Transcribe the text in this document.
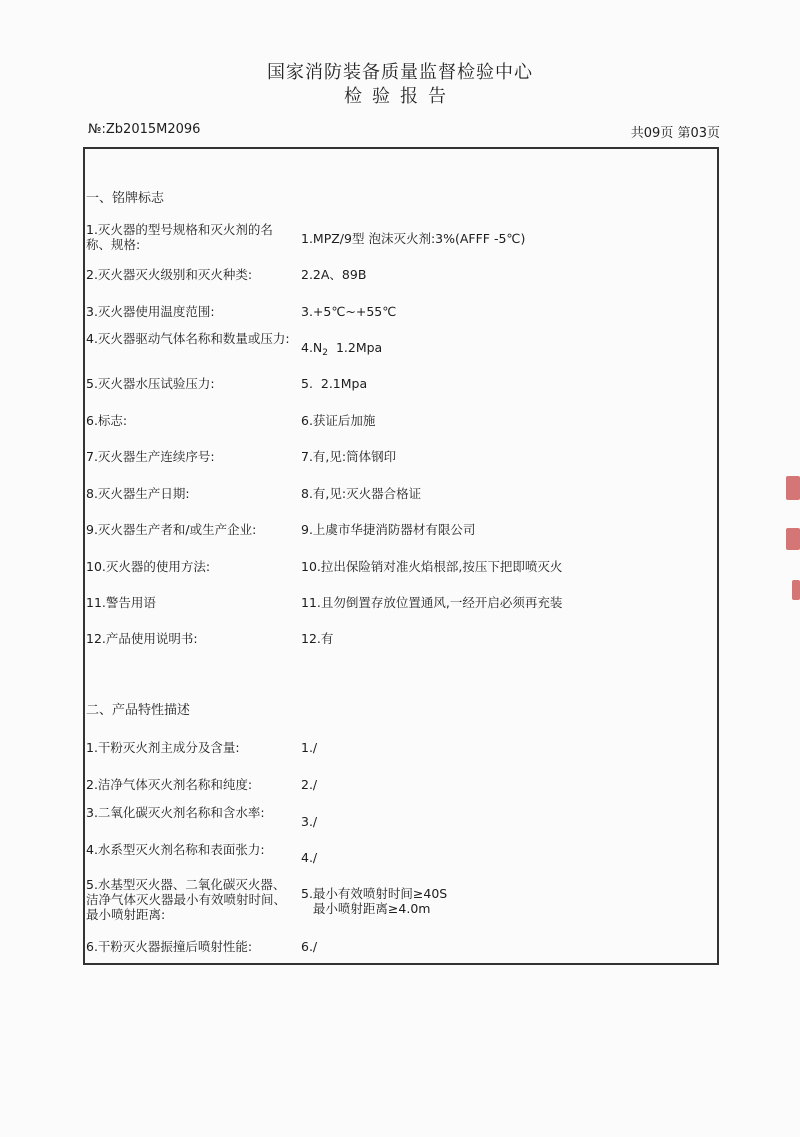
国家消防装备质量监督检验中心
检验报告
№:Zb2015M2096	共09页 第03页
一、铭牌标志
1.灭火器的型号规格和灭火剂的名称、规格:	1.MPZ/9型 泡沫灭火剂:3%(AFFF -5℃)
2.灭火器灭火级别和灭火种类:	2.2A、89B
3.灭火器使用温度范围:	3.+5℃~+55℃
4.灭火器驱动气体名称和数量或压力:
$4.N_2$  1.2Mpa
5.灭火器水压试验压力:	5.  2.1Mpa
6.标志:	6.获证后加施
7.灭火器生产连续序号:	7.有,见:筒体钢印
8.灭火器生产日期:	8.有,见:灭火器合格证
9.灭火器生产者和/或生产企业:	9.上虞市华捷消防器材有限公司
10.灭火器的使用方法:	10.拉出保险销对准火焰根部,按压下把即喷灭火
11.警告用语	11.且勿倒置存放位置通风,一经开启必须再充装
12.产品使用说明书:	12.有
二、产品特性描述
1.干粉灭火剂主成分及含量:	1./
2.洁净气体灭火剂名称和纯度:	2./
3.二氧化碳灭火剂名称和含水率:
3./
4.水系型灭火剂名称和表面张力:
4./
5.水基型灭火器、二氧化碳灭火器、洁净气体灭火器最小有效喷射时间、最小喷射距离:
5.最小有效喷射时间≥40S
最小喷射距离≥4.0m
6.干粉灭火器振撞后喷射性能:	6./
